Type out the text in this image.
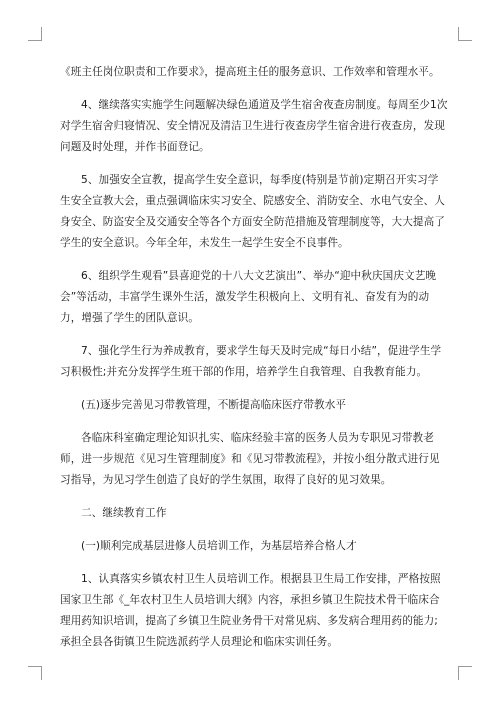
《班主任岗位职责和工作要求》，提高班主任的服务意识、工作效率和管理水平。

4、继续落实实施学生问题解决绿色通道及学生宿舍夜查房制度。每周至少1次对学生宿舍归寝情况、安全情况及清洁卫生进行夜查房学生宿舍进行夜查房，发现问题及时处理，并作书面登记。

5、加强安全宣教，提高学生安全意识，每季度(特别是节前)定期召开实习学生安全宣教大会，重点强调临床实习安全、院感安全、消防安全、水电气安全、人身安全、防盗安全及交通安全等各个方面安全防范措施及管理制度等，大大提高了学生的安全意识。今年全年，未发生一起学生安全不良事件。

6、组织学生观看”县喜迎党的十八大文艺演出”、举办“迎中秋庆国庆文艺晚会”等活动，丰富学生课外生活，激发学生积极向上、文明有礼、奋发有为的动力，增强了学生的团队意识。

7、强化学生行为养成教育，要求学生每天及时完成“每日小结”，促进学生学习积极性;并充分发挥学生班干部的作用，培养学生自我管理、自我教育能力。

(五)逐步完善见习带教管理，不断提高临床医疗带教水平

各临床科室确定理论知识扎实、临床经验丰富的医务人员为专职见习带教老师，进一步规范《见习生管理制度》和《见习带教流程》，并按小组分散式进行见习指导，为见习学生创造了良好的学生氛围，取得了良好的见习效果。

二、继续教育工作

(一)顺利完成基层进修人员培训工作，为基层培养合格人才

1、认真落实乡镇农村卫生人员培训工作。根据县卫生局工作安排，严格按照国家卫生部《_年农村卫生人员培训大纲》内容，承担乡镇卫生院技术骨干临床合理用药知识培训，提高了乡镇卫生院业务骨干对常见病、多发病合理用药的能力;承担全县各街镇卫生院选派药学人员理论和临床实训任务。
